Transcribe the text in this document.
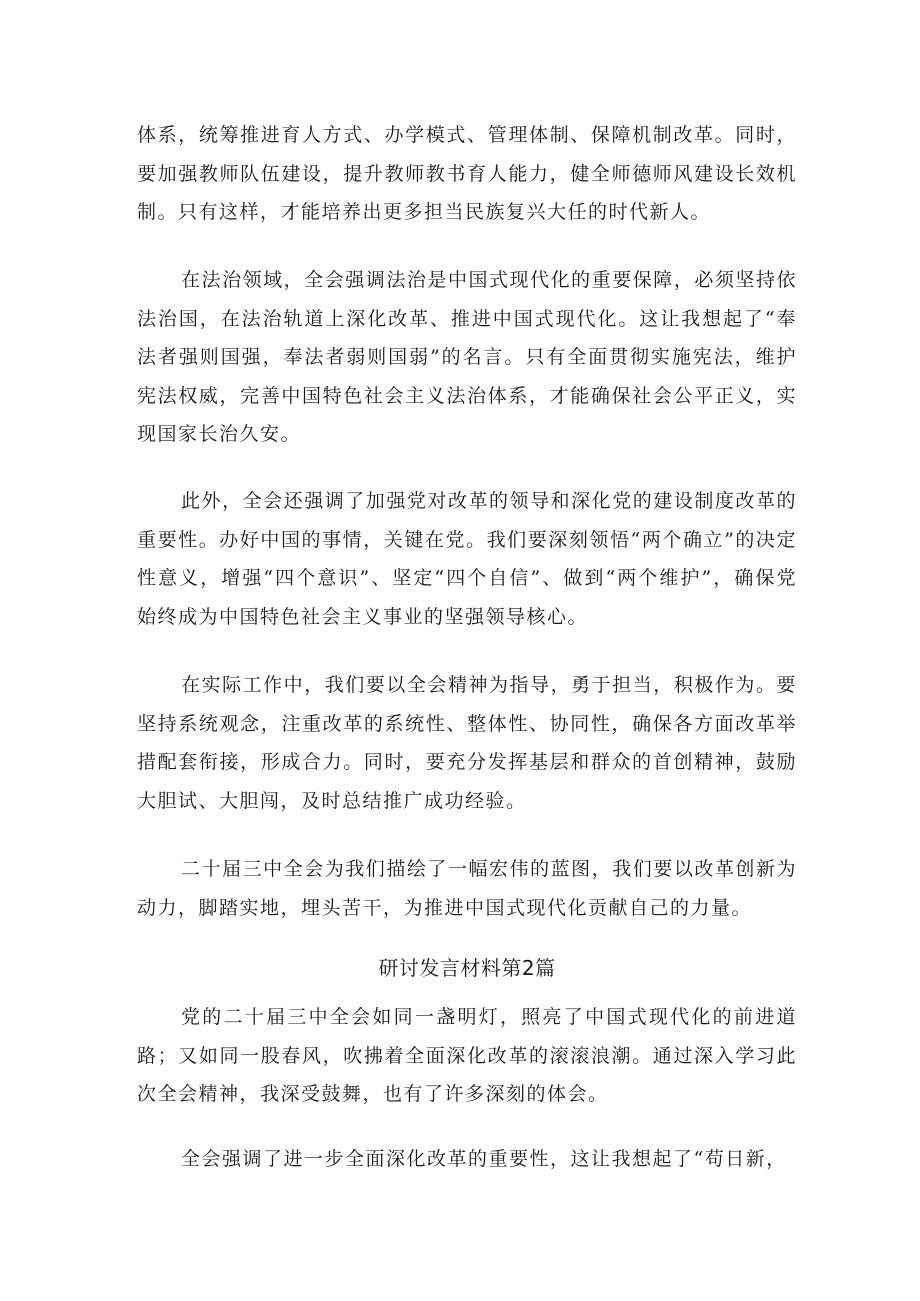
体系，统筹推进育人方式、办学模式、管理体制、保障机制改革。同时，要加强教师队伍建设，提升教师教书育人能力，健全师德师风建设长效机制。只有这样，才能培养出更多担当民族复兴大任的时代新人。

在法治领域，全会强调法治是中国式现代化的重要保障，必须坚持依法治国，在法治轨道上深化改革、推进中国式现代化。这让我想起了“奉法者强则国强，奉法者弱则国弱”的名言。只有全面贯彻实施宪法，维护宪法权威，完善中国特色社会主义法治体系，才能确保社会公平正义，实现国家长治久安。

此外，全会还强调了加强党对改革的领导和深化党的建设制度改革的重要性。办好中国的事情，关键在党。我们要深刻领悟“两个确立”的决定性意义，增强“四个意识”、坚定“四个自信”、做到“两个维护”，确保党始终成为中国特色社会主义事业的坚强领导核心。

在实际工作中，我们要以全会精神为指导，勇于担当，积极作为。要坚持系统观念，注重改革的系统性、整体性、协同性，确保各方面改革举措配套衔接，形成合力。同时，要充分发挥基层和群众的首创精神，鼓励大胆试、大胆闯，及时总结推广成功经验。

二十届三中全会为我们描绘了一幅宏伟的蓝图，我们要以改革创新为动力，脚踏实地，埋头苦干，为推进中国式现代化贡献自己的力量。

研讨发言材料第2篇

党的二十届三中全会如同一盏明灯，照亮了中国式现代化的前进道路；又如同一股春风，吹拂着全面深化改革的滚滚浪潮。通过深入学习此次全会精神，我深受鼓舞，也有了许多深刻的体会。

全会强调了进一步全面深化改革的重要性，这让我想起了“苟日新，
